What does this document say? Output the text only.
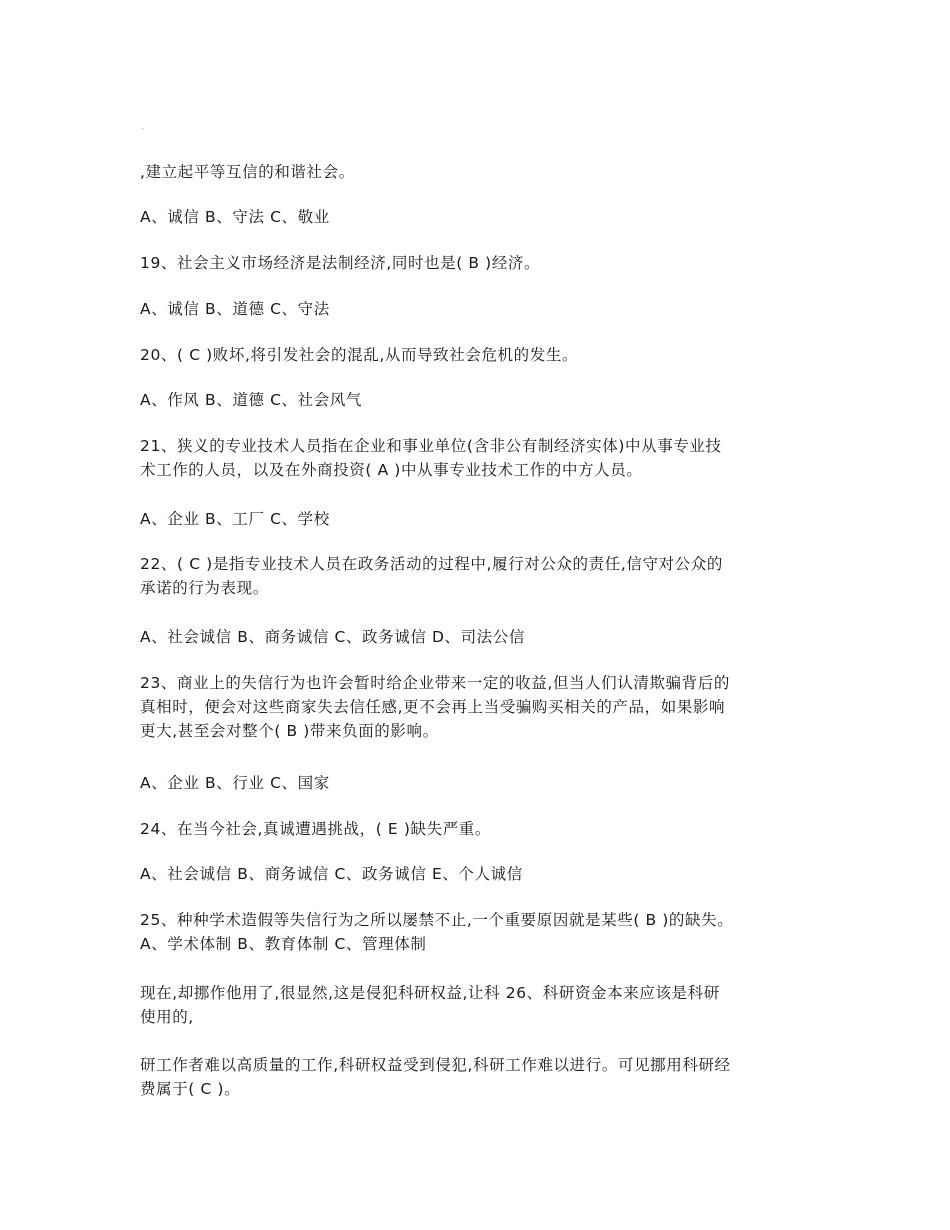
-
,建立起平等互信的和谐社会。
A、诚信 B、守法 C、敬业
19、社会主义市场经济是法制经济,同时也是( B )经济。
A、诚信 B、道德 C、守法
20、( C )败坏,将引发社会的混乱,从而导致社会危机的发生。
A、作风 B、道德 C、社会风气
21、狭义的专业技术人员指在企业和事业单位(含非公有制经济实体)中从事专业技
术工作的人员，以及在外商投资( A )中从事专业技术工作的中方人员。
A、企业 B、工厂 C、学校
22、( C )是指专业技术人员在政务活动的过程中,履行对公众的责任,信守对公众的
承诺的行为表现。
A、社会诚信 B、商务诚信 C、政务诚信 D、司法公信
23、商业上的失信行为也许会暂时给企业带来一定的收益,但当人们认清欺骗背后的
真相时，便会对这些商家失去信任感,更不会再上当受骗购买相关的产品，如果影响
更大,甚至会对整个( B )带来负面的影响。
A、企业 B、行业 C、国家
24、在当今社会,真诚遭遇挑战，( E )缺失严重。
A、社会诚信 B、商务诚信 C、政务诚信 E、个人诚信
25、种种学术造假等失信行为之所以屡禁不止,一个重要原因就是某些( B )的缺失。
A、学术体制 B、教育体制 C、管理体制
现在,却挪作他用了,很显然,这是侵犯科研权益,让科 26、科研资金本来应该是科研
使用的,
研工作者难以高质量的工作,科研权益受到侵犯,科研工作难以进行。可见挪用科研经
费属于( C )。
